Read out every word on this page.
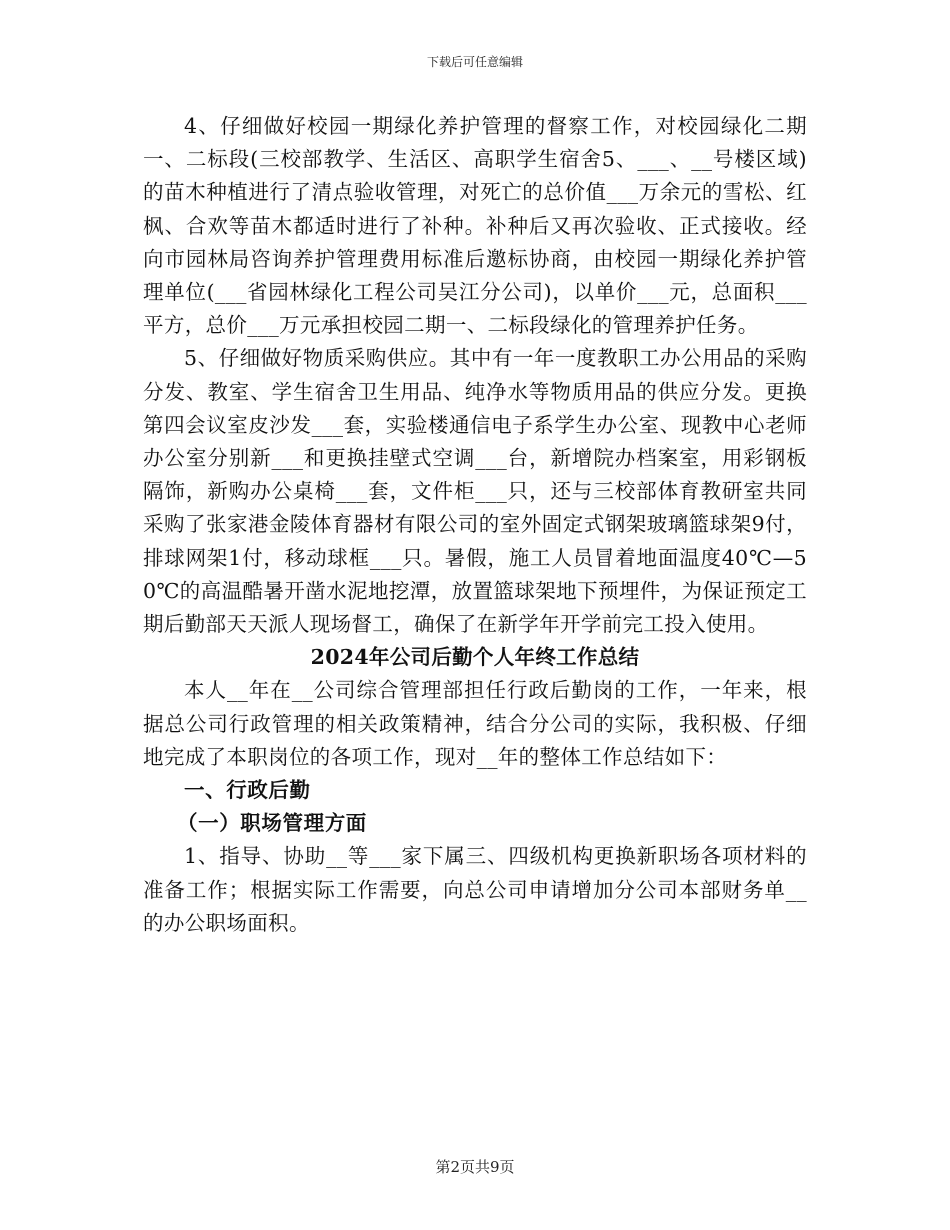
下载后可任意编辑

4、仔细做好校园一期绿化养护管理的督察工作，对校园绿化二期一、二标段(三校部教学、生活区、高职学生宿舍5、___、__号楼区域)的苗木种植进行了清点验收管理，对死亡的总价值___万余元的雪松、红枫、合欢等苗木都适时进行了补种。补种后又再次验收、正式接收。经向市园林局咨询养护管理费用标准后邀标协商，由校园一期绿化养护管理单位(___省园林绿化工程公司吴江分公司)，以单价___元，总面积___平方，总价___万元承担校园二期一、二标段绿化的管理养护任务。

5、仔细做好物质采购供应。其中有一年一度教职工办公用品的采购分发、教室、学生宿舍卫生用品、纯净水等物质用品的供应分发。更换第四会议室皮沙发___套，实验楼通信电子系学生办公室、现教中心老师办公室分别新___和更换挂壁式空调___台，新增院办档案室，用彩钢板隔饰，新购办公桌椅___套，文件柜___只，还与三校部体育教研室共同采购了张家港金陵体育器材有限公司的室外固定式钢架玻璃篮球架9付，排球网架1付，移动球框___只。暑假，施工人员冒着地面温度40℃—50℃的高温酷暑开凿水泥地挖潭，放置篮球架地下预埋件，为保证预定工期后勤部天天派人现场督工，确保了在新学年开学前完工投入使用。

2024年公司后勤个人年终工作总结

本人__年在__公司综合管理部担任行政后勤岗的工作，一年来，根据总公司行政管理的相关政策精神，结合分公司的实际，我积极、仔细地完成了本职岗位的各项工作，现对__年的整体工作总结如下：

一、行政后勤

（一）职场管理方面

1、指导、协助__等___家下属三、四级机构更换新职场各项材料的准备工作；根据实际工作需要，向总公司申请增加分公司本部财务单__的办公职场面积。

第2页共9页
